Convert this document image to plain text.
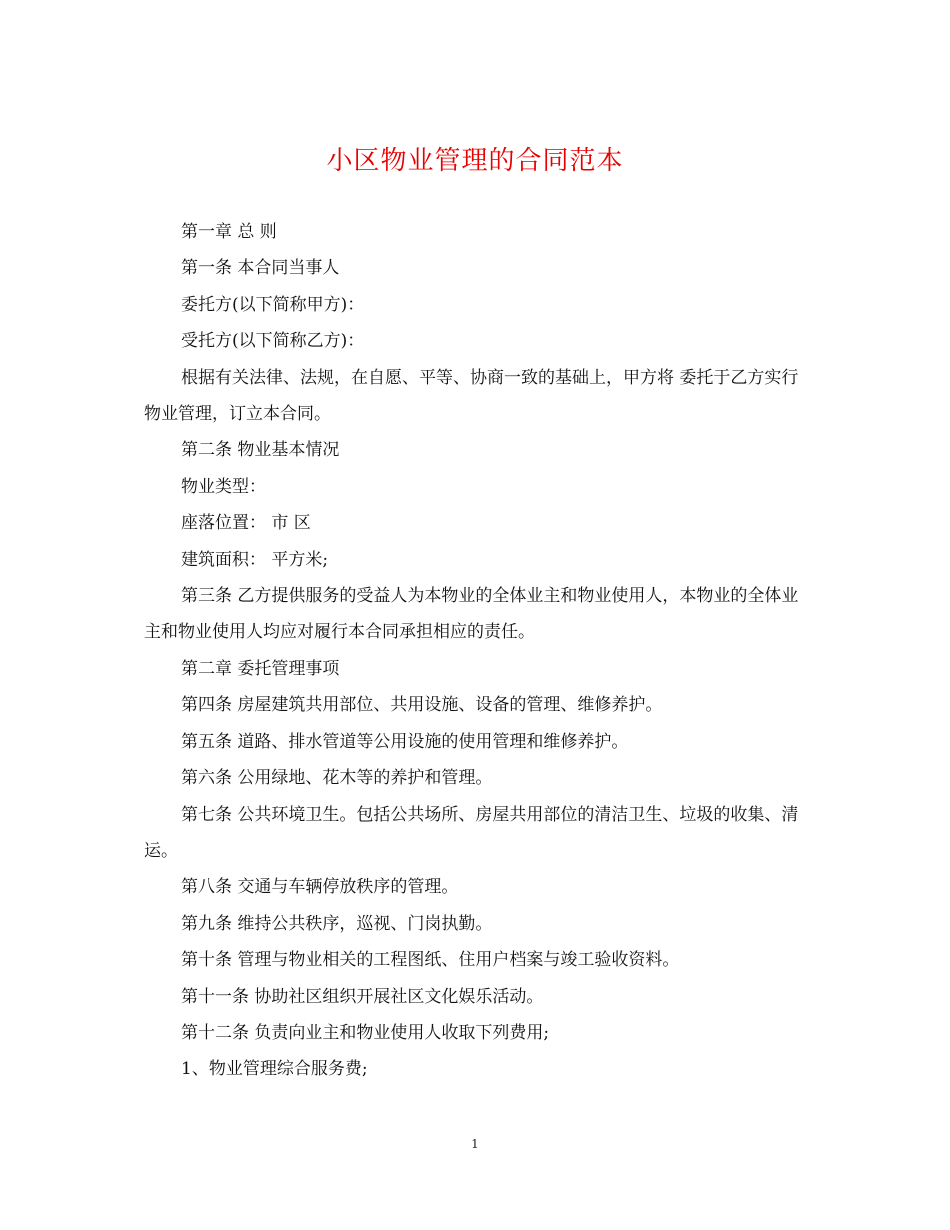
小区物业管理的合同范本

第一章 总 则

第一条 本合同当事人

委托方(以下简称甲方)：

受托方(以下简称乙方)：

根据有关法律、法规，在自愿、平等、协商一致的基础上，甲方将 委托于乙方实行物业管理，订立本合同。

第二条 物业基本情况

物业类型：

座落位置： 市 区

建筑面积： 平方米;

第三条 乙方提供服务的受益人为本物业的全体业主和物业使用人，本物业的全体业主和物业使用人均应对履行本合同承担相应的责任。

第二章 委托管理事项

第四条 房屋建筑共用部位、共用设施、设备的管理、维修养护。

第五条 道路、排水管道等公用设施的使用管理和维修养护。

第六条 公用绿地、花木等的养护和管理。

第七条 公共环境卫生。包括公共场所、房屋共用部位的清洁卫生、垃圾的收集、清运。

第八条 交通与车辆停放秩序的管理。

第九条 维持公共秩序，巡视、门岗执勤。

第十条 管理与物业相关的工程图纸、住用户档案与竣工验收资料。

第十一条 协助社区组织开展社区文化娱乐活动。

第十二条 负责向业主和物业使用人收取下列费用;

1、物业管理综合服务费;

1
